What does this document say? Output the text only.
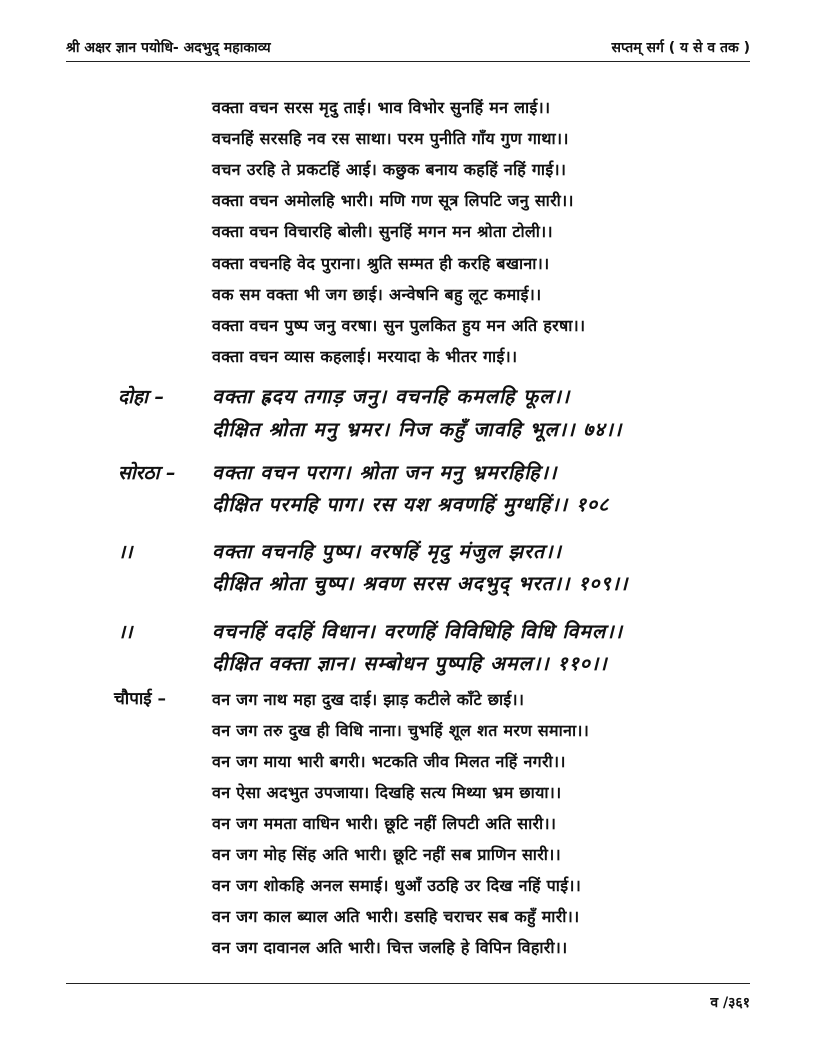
श्री अक्षर ज्ञान पयोधि- अदभुद् महाकाव्य	सप्तम् सर्ग ( य से व तक )
वक्ता वचन सरस मृदु ताई। भाव विभोर सुनहिं मन लाई।।
वचनहिं सरसहि नव रस साथा। परम पुनीति गाँय गुण गाथा।।
वचन उरहि ते प्रकटहिं आई। कछुक बनाय कहहिं नहिं गाई।।
वक्ता वचन अमोलहि भारी। मणि गण सूत्र लिपटि जनु सारी।।
वक्ता वचन विचारहि बोली। सुनहिं मगन मन श्रोता टोली।।
वक्ता वचनहि वेद पुराना। श्रुति सम्मत ही करहि बखाना।।
वक सम वक्ता भी जग छाई। अन्वेषनि बहु लूट कमाई।।
वक्ता वचन पुष्प जनु वरषा। सुन पुलकित हुय मन अति हरषा।।
वक्ता वचन व्यास कहलाई। मरयादा के भीतर गाई।।
दोहा – वक्ता ह्रदय तगाड़ जनु। वचनहि कमलहि फूल।।
दीक्षित श्रोता मनु भ्रमर। निज कहुँ जावहि भूल।। ७४।।
सोरठा – वक्ता वचन पराग। श्रोता जन मनु भ्रमरहिहि।।
दीक्षित परमहि पाग। रस यश श्रवणहिं मुग्धहिं।। १०८
।।	वक्ता वचनहि पुष्प। वरषहिं मृदु मंजुल झरत।।
दीक्षित श्रोता चुष्प। श्रवण सरस अदभुद् भरत।। १०९।।
।।	वचनहिं वदहिं विधान। वरणहिं विविधिहि विधि विमल।।
दीक्षित वक्ता ज्ञान। सम्बोधन पुष्पहि अमल।। ११०।।
चौपाई –	वन जग नाथ महा दुख दाई। झाड़ कटीले काँटे छाई।।
वन जग तरु दुख ही विधि नाना। चुभहिं शूल शत मरण समाना।।
वन जग माया भारी बगरी। भटकति जीव मिलत नहिं नगरी।।
वन ऐसा अदभुत उपजाया। दिखहि सत्य मिथ्या भ्रम छाया।।
वन जग ममता वाधिन भारी। छूटि नहीं लिपटी अति सारी।।
वन जग मोह सिंह अति भारी। छूटि नहीं सब प्राणिन सारी।।
वन जग शोकहि अनल समाई। धुआँ उठहि उर दिख नहिं पाई।।
वन जग काल ब्याल अति भारी। डसहि चराचर सब कहुँ मारी।।
वन जग दावानल अति भारी। चित्त जलहि हे विपिन विहारी।।
व /३६१
